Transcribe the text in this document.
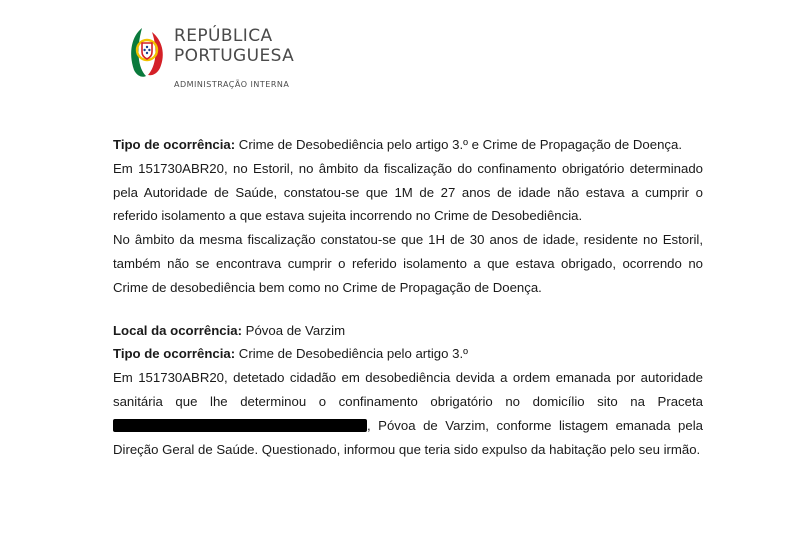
REPÚBLICA
PORTUGUESA
ADMINISTRAÇÃO INTERNA

Tipo de ocorrência: Crime de Desobediência pelo artigo 3.º e Crime de Propagação de Doença.

Em 151730ABR20, no Estoril, no âmbito da fiscalização do confinamento obrigatório determinado pela Autoridade de Saúde, constatou-se que 1M de 27 anos de idade não estava a cumprir o referido isolamento a que estava sujeita incorrendo no Crime de Desobediência.

No âmbito da mesma fiscalização constatou-se que 1H de 30 anos de idade, residente no Estoril, também não se encontrava cumprir o referido isolamento a que estava obrigado, ocorrendo no Crime de desobediência bem como no Crime de Propagação de Doença.

Local da ocorrência: Póvoa de Varzim

Tipo de ocorrência: Crime de Desobediência pelo artigo 3.º

Em 151730ABR20, detetado cidadão em desobediência devida a ordem emanada por autoridade sanitária que lhe determinou o confinamento obrigatório no domicílio sito na Praceta , Póvoa de Varzim, conforme listagem emanada pela Direção Geral de Saúde. Questionado, informou que teria sido expulso da habitação pelo seu irmão.
